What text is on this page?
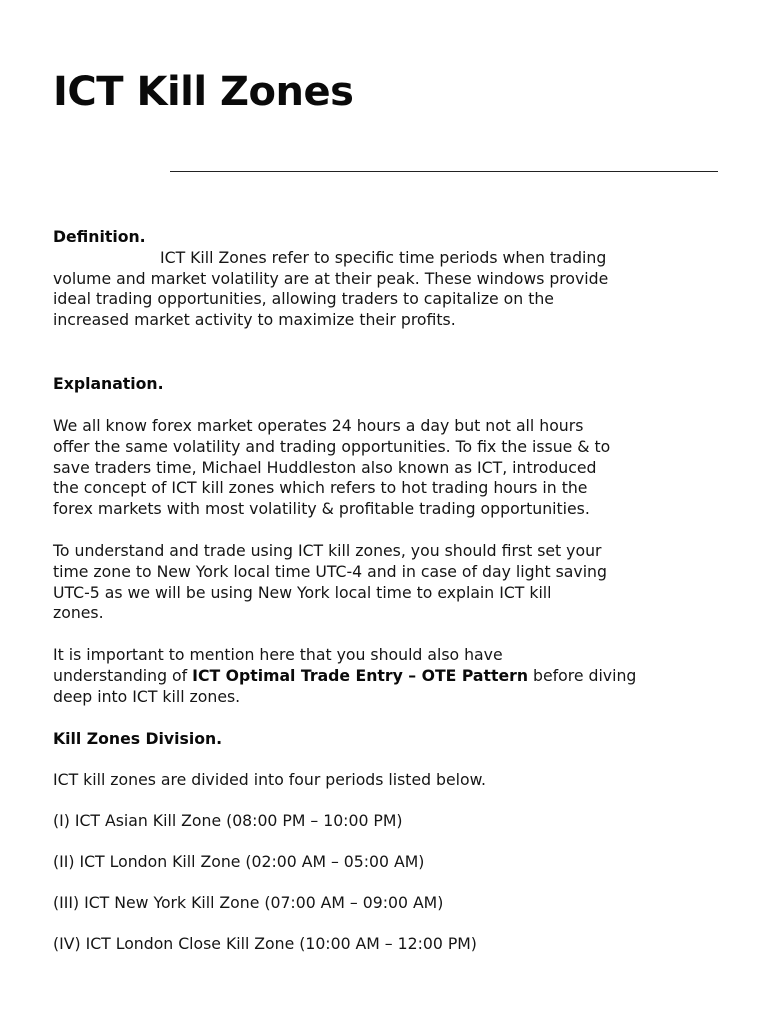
ICT Kill Zones
Definition.
ICT Kill Zones refer to specific time periods when trading
volume and market volatility are at their peak. These windows provide
ideal trading opportunities, allowing traders to capitalize on the
increased market activity to maximize their profits.
Explanation.
We all know forex market operates 24 hours a day but not all hours
offer the same volatility and trading opportunities. To fix the issue & to
save traders time, Michael Huddleston also known as ICT, introduced
the concept of ICT kill zones which refers to hot trading hours in the
forex markets with most volatility & profitable trading opportunities.
To understand and trade using ICT kill zones, you should first set your
time zone to New York local time UTC-4 and in case of day light saving
UTC-5 as we will be using New York local time to explain ICT kill
zones.
It is important to mention here that you should also have
understanding of ICT Optimal Trade Entry – OTE Pattern before diving
deep into ICT kill zones.
Kill Zones Division.
ICT kill zones are divided into four periods listed below.
(I) ICT Asian Kill Zone (08:00 PM – 10:00 PM)
(II) ICT London Kill Zone (02:00 AM – 05:00 AM)
(III) ICT New York Kill Zone (07:00 AM – 09:00 AM)
(IV) ICT London Close Kill Zone (10:00 AM – 12:00 PM)
